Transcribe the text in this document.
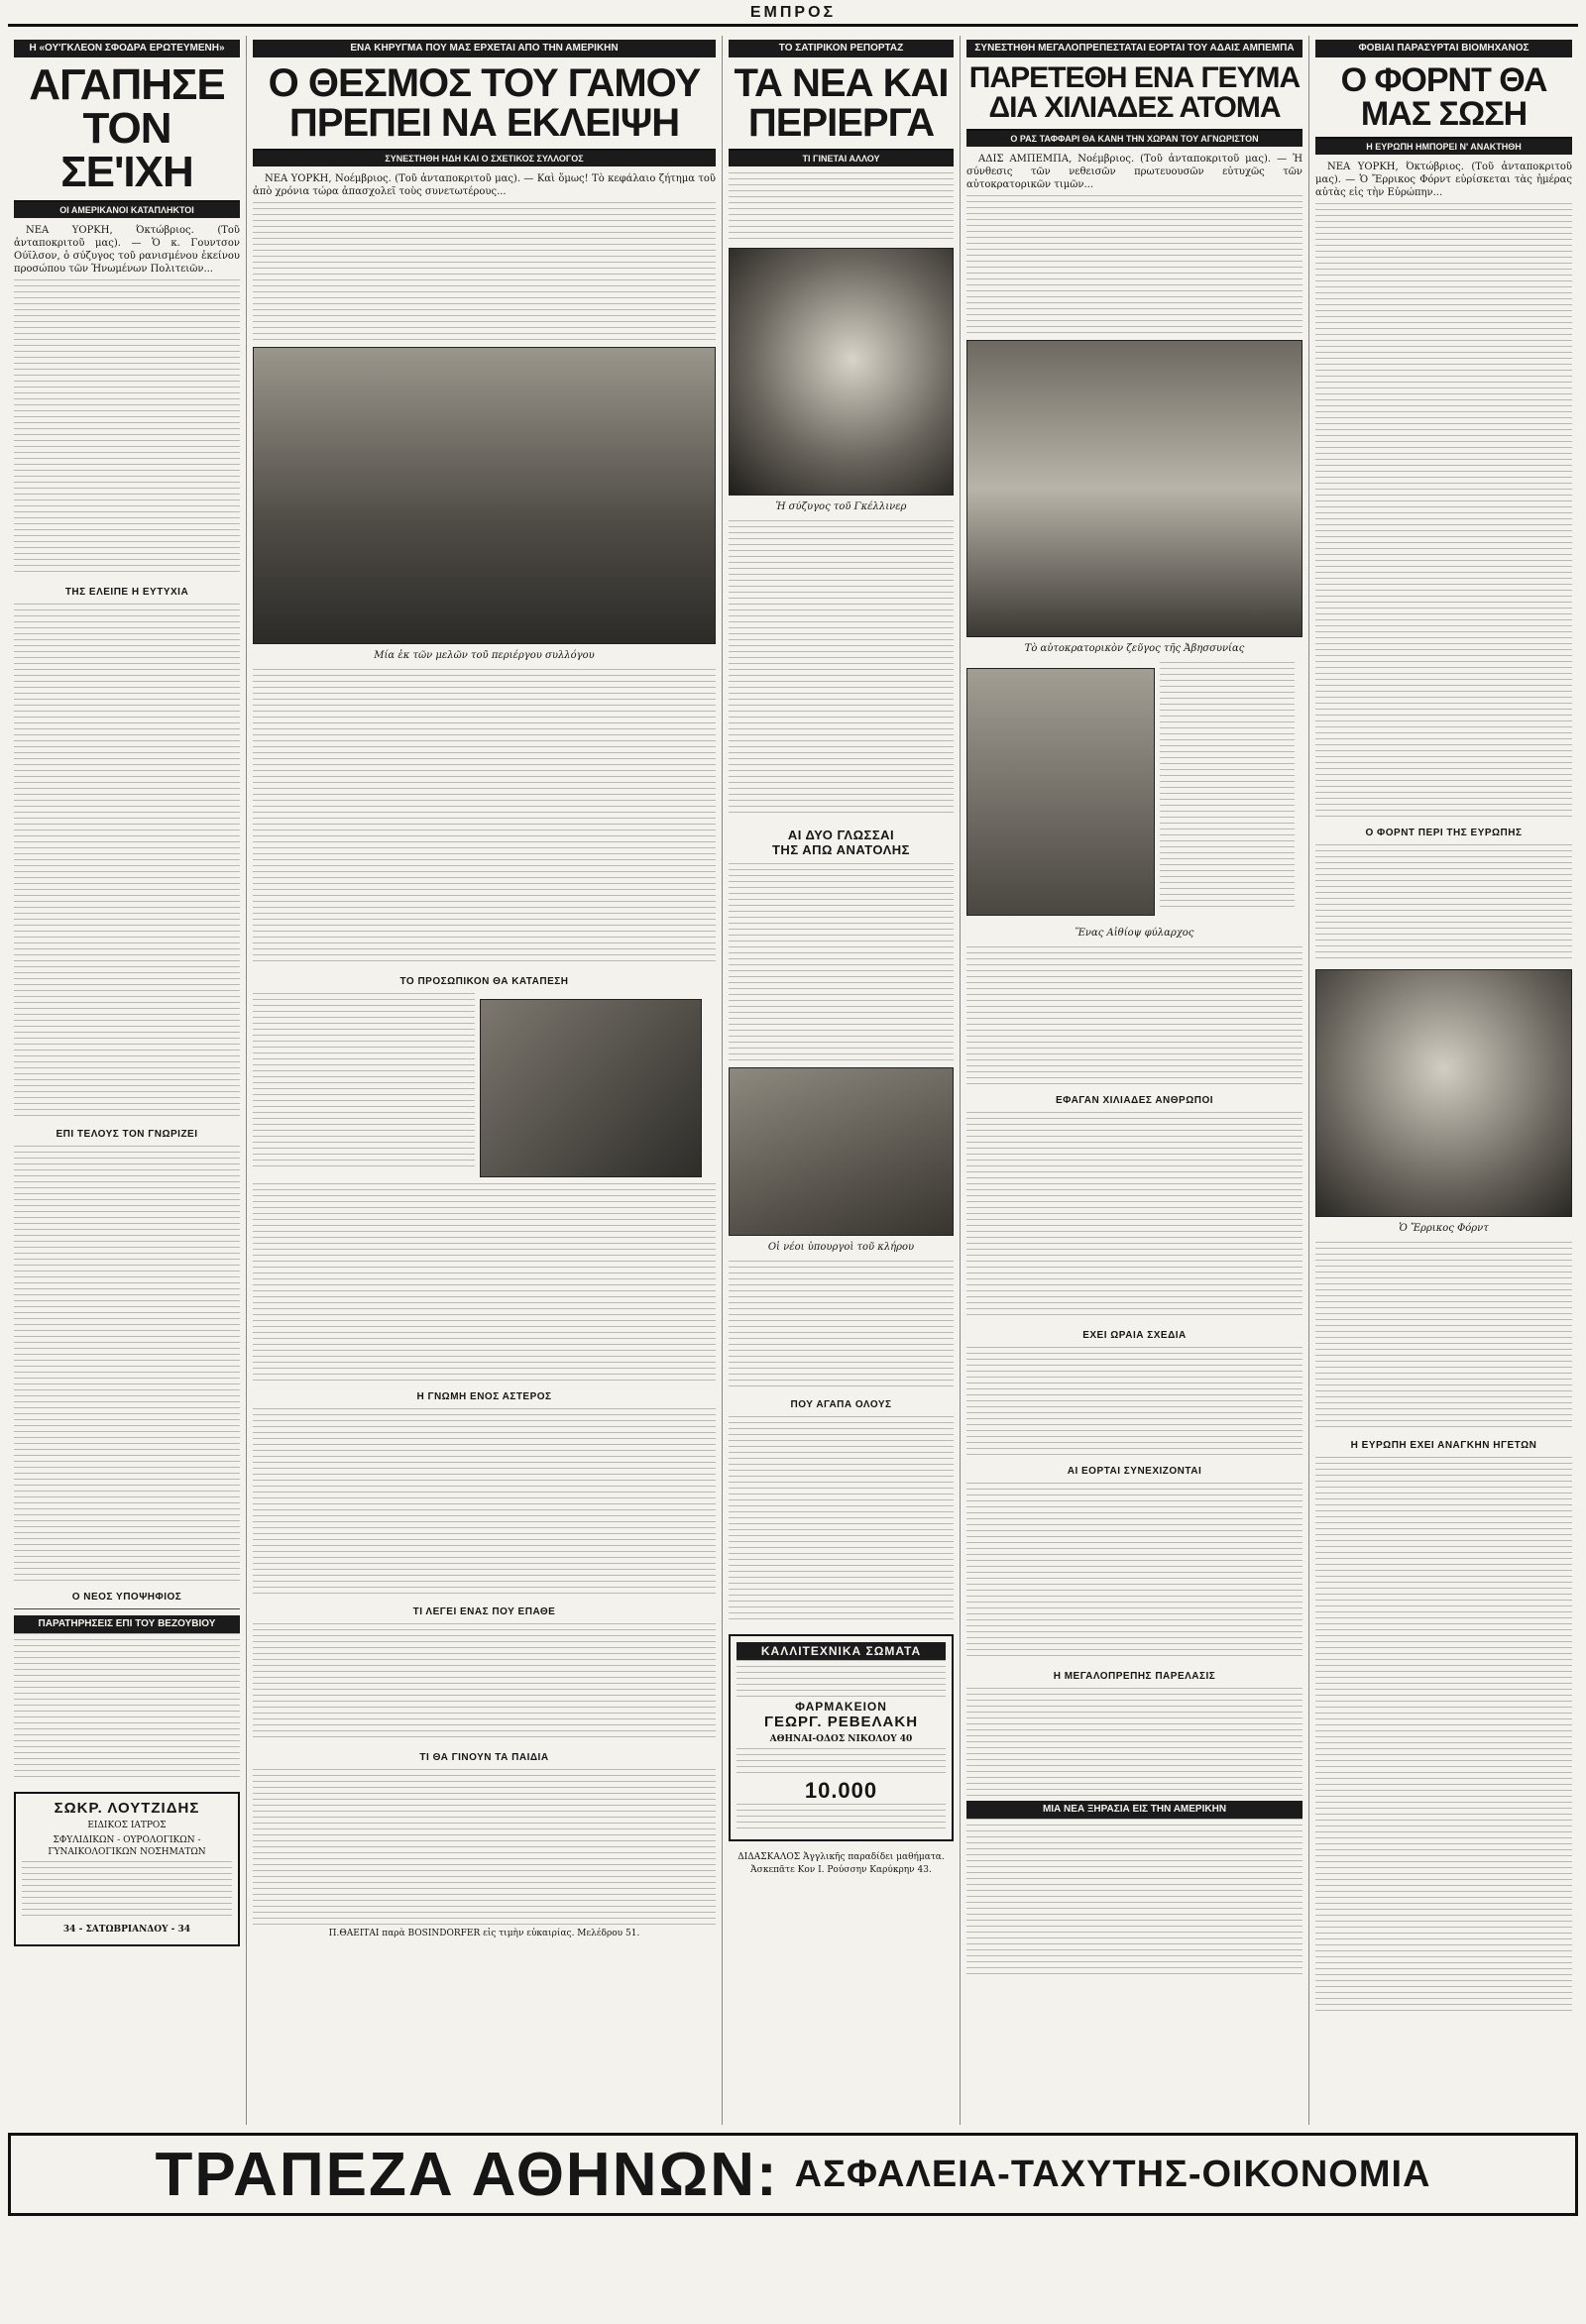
ΕΜΠΡΟΣ
Η «ΟΥ'ΓΚΛΕΟΝ ΣΦΟΔΡΑ ΕΡΩΤΕΥΜΕΝΗ»
ΑΓΑΠΗΣΕ
ΤΟΝ ΣΕ'ΙΧΗ
ΟΙ ΑΜΕΡΙΚΑΝΟΙ ΚΑΤΑΠΛΗΚΤΟΙ

ΝΕΑ ΥΟΡΚΗ, Όκτώβριος. (Τοῦ ἀνταποκριτοῦ μας). — Ὁ κ. Γουντσον Ούϊλσον, ὁ σύζυγος τοῦ ρανισμένου ἐκείνου προσώπου τῶν Ἡνωμένων Πολιτειῶν...

ΤΗΣ ΕΛΕΙΠΕ Η ΕΥΤΥΧΙΑ
ΕΠΙ ΤΕΛΟΥΣ ΤΟΝ ΓΝΩΡΙΖΕΙ
Ο ΝΕΟΣ ΥΠΟΨΗΦΙΟΣ
ΠΑΡΑΤΗΡΗΣΕΙΣ ΕΠΙ ΤΟΥ ΒΕΖΟΥΒΙΟΥ
ΣΩΚΡ. ΛΟΥΤΖΙΔΗΣ
ΕΙΔΙΚΟΣ ΙΑΤΡΟΣ
ΣΦΥΛΙΔΙΚΩΝ - ΟΥΡΟΛΟΓΙΚΩΝ - ΓΥΝΑΙΚΟΛΟΓΙΚΩΝ ΝΟΣΗΜΑΤΩΝ
34 - ΣΑΤΩΒΡΙΑΝΔΟΥ - 34
ΕΝΑ ΚΗΡΥΓΜΑ ΠΟΥ ΜΑΣ ΕΡΧΕΤΑΙ ΑΠΟ ΤΗΝ ΑΜΕΡΙΚΗΝ
Ο ΘΕΣΜΟΣ ΤΟΥ ΓΑΜΟΥ
ΠΡΕΠΕΙ ΝΑ ΕΚΛΕΙΨΗ
ΣΥΝΕΣΤΗΘΗ ΗΔΗ ΚΑΙ Ο ΣΧΕΤΙΚΟΣ ΣΥΛΛΟΓΟΣ

ΝΕΑ ΥΟΡΚΗ, Νοέμβριος. (Τοῦ ἀνταποκριτοῦ μας). — Καὶ ὅμως! Τὸ κεφάλαιο ζήτημα τοῦ ἀπὸ χρόνια τώρα ἀπασχολεῖ τοὺς συνετωτέρους...

Μία ἐκ τῶν μελῶν τοῦ περιέργου συλλόγου
ΤΟ ΠΡΟΣΩΠΙΚΟΝ ΘΑ ΚΑΤΑΠΕΣΗ

Η ΓΝΩΜΗ ΕΝΟΣ ΑΣΤΕΡΟΣ
ΤΙ ΛΕΓΕΙ ΕΝΑΣ ΠΟΥ ΕΠΑΘΕ
ΤΙ ΘΑ ΓΙΝΟΥΝ ΤΑ ΠΑΙΔΙΑ
Π.ΘΑΕΙΤΑΙ παρὰ BOSINDORFER εἰς τιμὴν εὐκαιρίας. Μελέδρου 51.
ΤΟ ΣΑΤΙΡΙΚΟΝ ΡΕΠΟΡΤΑΖ
ΤΑ ΝΕΑ ΚΑΙ
ΠΕΡΙΕΡΓΑ
ΤΙ ΓΙΝΕΤΑΙ ΑΛΛΟΥ
Ἡ σύζυγος τοῦ Γκέλλινερ
ΑΙ ΔΥΟ ΓΛΩΣΣΑΙ
ΤΗΣ ΑΠΩ ΑΝΑΤΟΛΗΣ
Οἱ νέοι ὑπουργοὶ τοῦ κλήρου
ΠΟΥ ΑΓΑΠΑ ΟΛΟΥΣ
ΚΑΛΛΙΤΕΧΝΙΚΑ ΣΩΜΑΤΑ
ΦΑΡΜΑΚΕΙΟΝ
ΓΕΩΡΓ. ΡΕΒΕΛΑΚΗ
ΑΘΗΝΑΙ-ΟΔΟΣ ΝΙΚΟΛΟΥ 40
10.000
ΔΙΔΑΣΚΑΛΟΣ Ἀγγλικῆς παραδίδει μαθήματα. Ἀσκεπᾶτε Κον Ι. Ρούσσην Καρύκρην 43.
ΣΥΝΕΣΤΗΘΗ ΜΕΓΑΛΟΠΡΕΠΕΣΤΑΤΑΙ ΕΟΡΤΑΙ ΤΟΥ ΑΔΑΙΣ ΑΜΠΕΜΠΑ
ΠΑΡΕΤΕΘΗ ΕΝΑ ΓΕΥΜΑ
ΔΙΑ ΧΙΛΙΑΔΕΣ ΑΤΟΜΑ
Ο ΡΑΣ ΤΑΦΦΑΡΙ ΘΑ ΚΑΝΗ ΤΗΝ ΧΩΡΑΝ ΤΟΥ ΑΓΝΩΡΙΣΤΟΝ

ΑΔΙΣ ΑΜΠΕΜΠΑ, Νοέμβριος. (Τοῦ ἀνταποκριτοῦ μας). — Ἡ σύνθεσις τῶν νεθεισῶν πρωτευουσῶν εὐτυχῶς τῶν αὐτοκρατορικῶν τιμῶν...

Τὸ αὐτοκρατορικὸν ζεῦγος τῆς Ἀβησσυνίας

Ἕνας Αἰθίοψ φύλαρχος
ΕΦΑΓΑΝ ΧΙΛΙΑΔΕΣ ΑΝΘΡΩΠΟΙ
ΕΧΕΙ ΩΡΑΙΑ ΣΧΕΔΙΑ
ΑΙ ΕΟΡΤΑΙ ΣΥΝΕΧΙΖΟΝΤΑΙ
Η ΜΕΓΑΛΟΠΡΕΠΗΣ ΠΑΡΕΛΑΣΙΣ
ΜΙΑ ΝΕΑ ΞΗΡΑΣΙΑ ΕΙΣ ΤΗΝ ΑΜΕΡΙΚΗΝ
ΦΟΒΙΑΙ ΠΑΡΑΣΥΡΤΑΙ ΒΙΟΜΗΧΑΝΟΣ
Ο ΦΟΡΝΤ ΘΑ
ΜΑΣ ΣΩΣΗ
Η ΕΥΡΩΠΗ ΗΜΠΟΡΕΙ Ν' ΑΝΑΚΤΗΘΗ

ΝΕΑ ΥΟΡΚΗ, Όκτώβριος. (Τοῦ ἀνταποκριτοῦ μας). — Ὁ Ἔρρικος Φόρντ εὑρίσκεται τὰς ἡμέρας αὐτὰς εἰς τὴν Εὐρώπην...

Ο ΦΟΡΝΤ ΠΕΡΙ ΤΗΣ ΕΥΡΩΠΗΣ
Ὁ Ἔρρικος Φόρντ
Η ΕΥΡΩΠΗ ΕΧΕΙ ΑΝΑΓΚΗΝ ΗΓΕΤΩΝ
ΤΡΑΠΕΖΑ ΑΘΗΝΩΝ: ΑΣΦΑΛΕΙΑ-ΤΑΧΥΤΗΣ-ΟΙΚΟΝΟΜΙΑ
